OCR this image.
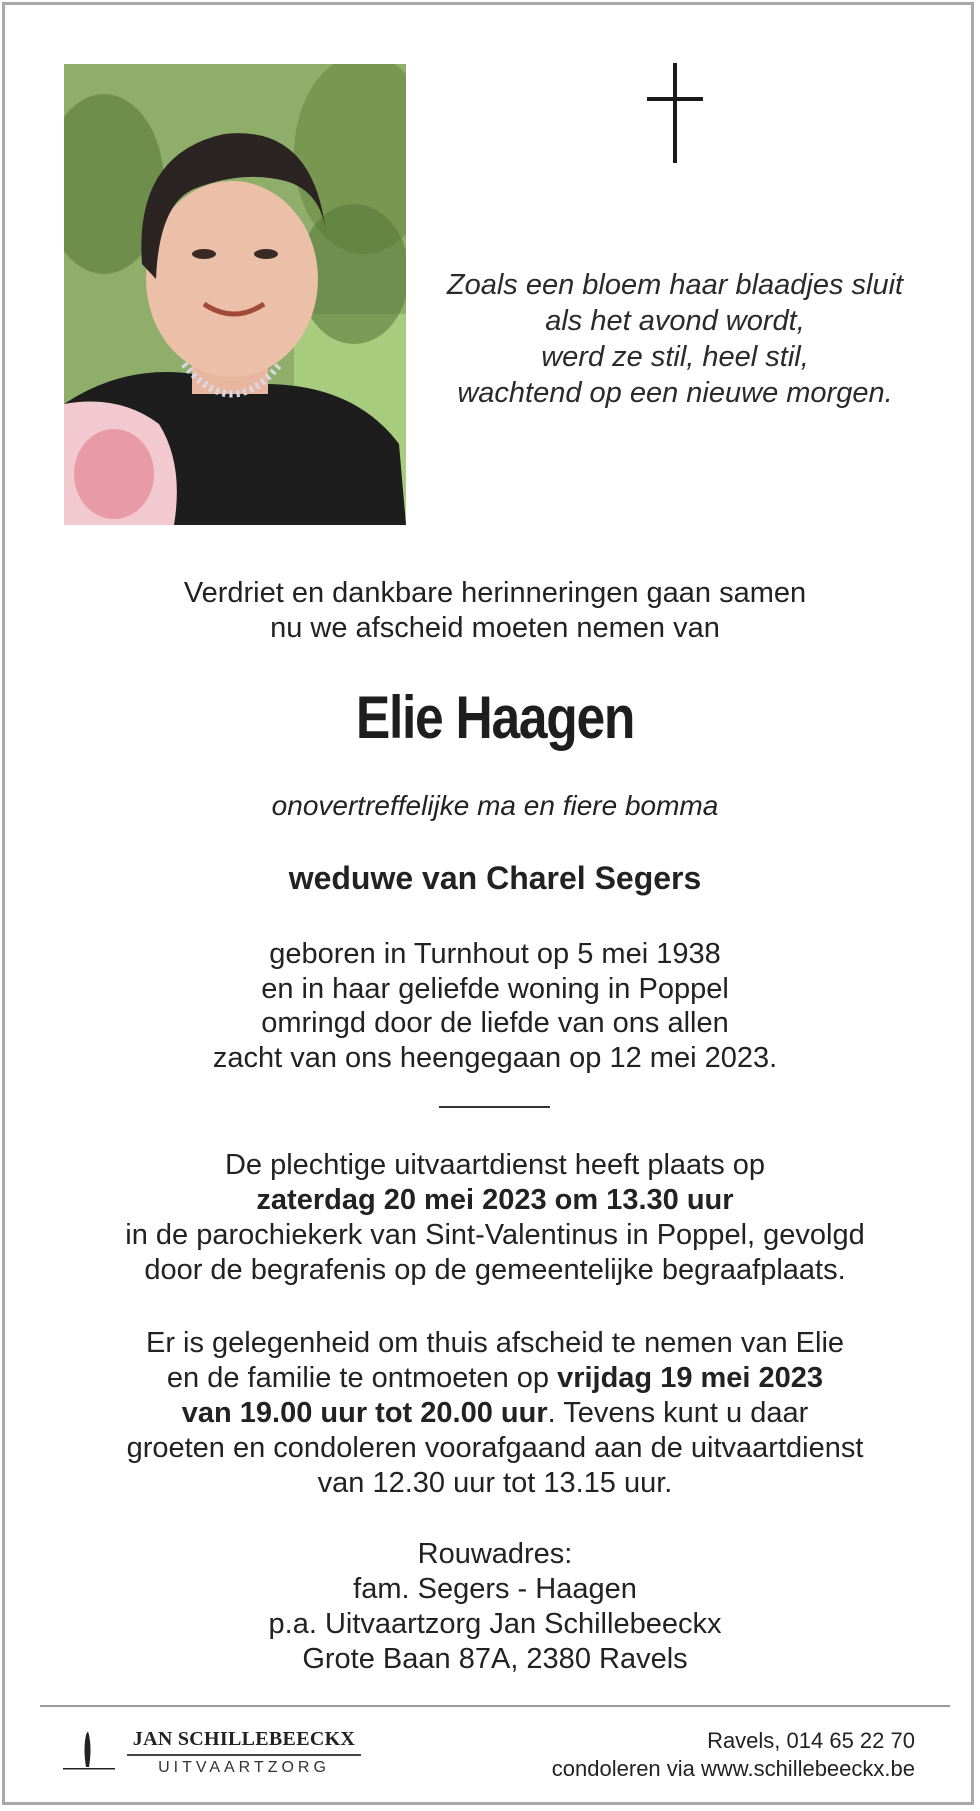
Zoals een bloem haar blaadjes sluit
als het avond wordt,
werd ze stil, heel stil,
wachtend op een nieuwe morgen.
Verdriet en dankbare herinneringen gaan samen
nu we afscheid moeten nemen van
Elie Haagen
onovertreffelijke ma en fiere bomma
weduwe van Charel Segers
geboren in Turnhout op 5 mei 1938
en in haar geliefde woning in Poppel
omringd door de liefde van ons allen
zacht van ons heengegaan op 12 mei 2023.
De plechtige uitvaartdienst heeft plaats op
zaterdag 20 mei 2023 om 13.30 uur
in de parochiekerk van Sint-Valentinus in Poppel, gevolgd
door de begrafenis op de gemeentelijke begraafplaats.
Er is gelegenheid om thuis afscheid te nemen van Elie
en de familie te ontmoeten op vrijdag 19 mei 2023
van 19.00 uur tot 20.00 uur. Tevens kunt u daar
groeten en condoleren voorafgaand aan de uitvaartdienst
van 12.30 uur tot 13.15 uur.
Rouwadres:
fam. Segers - Haagen
p.a. Uitvaartzorg Jan Schillebeeckx
Grote Baan 87A, 2380 Ravels
JAN SCHILLEBEECKX
UITVAARTZORG
Ravels, 014 65 22 70
condoleren via www.schillebeeckx.be
